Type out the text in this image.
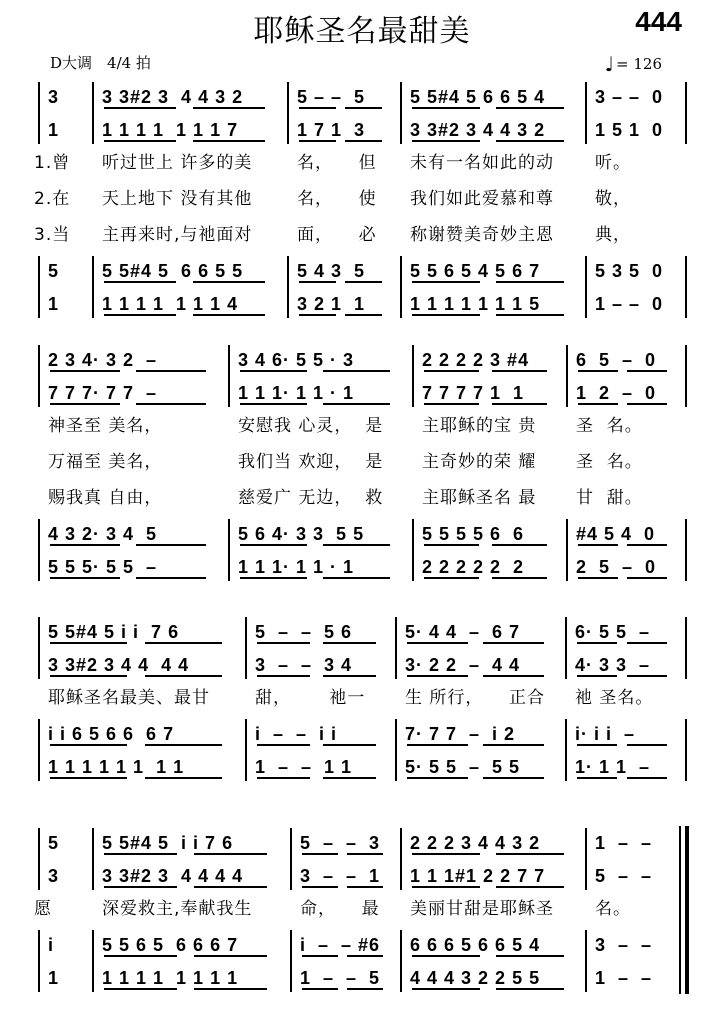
耶稣圣名最甜美	444
D大调　4/4 拍	♩ = 126
3 3 3#2 3  4 4 3 2	5 – –  5 5 5#4 5 6 6 5 4	3 – –  0
1 1 1 1 1  1 1 1 7	1 7 1  3 3 3#2 3 4 4 3 2	1 5 1  0
1.曾 听过世上 许多的美	名，    但 未有一名如此的动 听。
2.在 天上地下 没有其他	名，    使 我们如此爱慕和尊 敬，
3.当 主再来时,与祂面对	面，    必 称谢赞美奇妙主恩 典，
5 5 5#4 5  6 6 5 5	5 4 3  5 5 5 6 5 4 5 6 7	5 3 5  0
1 1 1 1 1  1 1 1 4	3 2 1  1 1 1 1 1 1 1 1 5	1 – –  0
2 3 4· 3 2  –	3 4 6· 5 5 · 3	2 2 2 2 3 #4	6  5  –  0
7 7 7· 7 7  –	1 1 1· 1 1 · 1	7 7 7 7 1  1	1  2  –  0
神圣至 美名，	安慰我 心灵，  是 主耶稣的宝 贵 圣  名。
万福至 美名，	我们当 欢迎，  是 主奇妙的荣 耀 圣  名。
赐我真 自由，	慈爱广 无边，  救 主耶稣圣名 最 甘  甜。
4 3 2· 3 4  5	5 6 4· 3 3  5 5	5 5 5 5 6  6	#4 5 4  0
5 5 5· 5 5  –	1 1 1· 1 1 · 1	2 2 2 2 2  2	2  5  –  0
5 5#4 5 i i  7 6	5  –  –  5 6	5· 4 4  –  6 7	6· 5 5  –
3 3#2 3 4 4  4 4	3  –  –  3 4	3· 2 2  –  4 4	4· 3 3  –
耶稣圣名最美、最甘	甜，      祂一 生 所行，    正合 祂 圣名。
i i 6 5 6 6  6 7	i  –  –  i i	7· 7 7  –  i 2	i· i i  –
1 1 1 1 1 1  1 1	1  –  –  1 1	5· 5 5  –  5 5	1· 1 1  –
5 5 5#4 5  i i 7 6	5  –  –  3 2 2 2 3 4 4 3 2	1  –  –
3 3 3#2 3  4 4 4 4	3  –  –  1 1 1 1#1 2 2 7 7	5  –  –
愿	深爱救主,奉献我生	命，    最 美丽甘甜是耶稣圣 名。
i	5 5 6 5  6 6 6 7	i  –  – #6 6 6 6 5 6 6 5 4	3  –  –
1 1 1 1 1  1 1 1 1	1  –  –  5 4 4 4 3 2 2 5 5	1  –  –
